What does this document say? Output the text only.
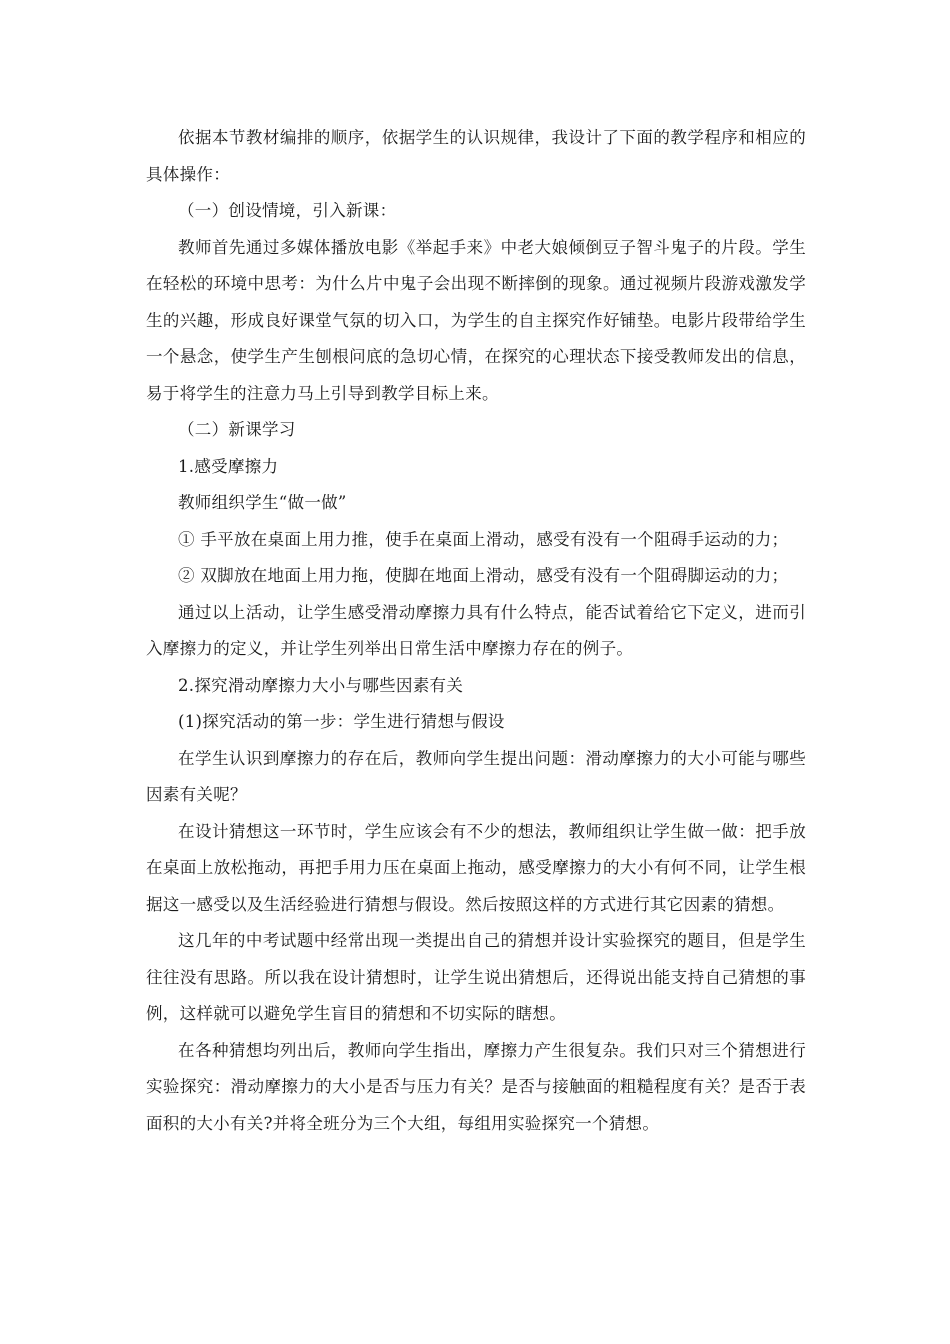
依据本节教材编排的顺序，依据学生的认识规律，我设计了下面的教学程序和相应的具体操作：

（一）创设情境，引入新课：

教师首先通过多媒体播放电影《举起手来》中老大娘倾倒豆子智斗鬼子的片段。学生在轻松的环境中思考：为什么片中鬼子会出现不断摔倒的现象。通过视频片段游戏激发学生的兴趣，形成良好课堂气氛的切入口，为学生的自主探究作好铺垫。电影片段带给学生一个悬念，使学生产生刨根问底的急切心情，在探究的心理状态下接受教师发出的信息，易于将学生的注意力马上引导到教学目标上来。

（二）新课学习

1.感受摩擦力

教师组织学生“做一做”

① 手平放在桌面上用力推，使手在桌面上滑动，感受有没有一个阻碍手运动的力；

② 双脚放在地面上用力拖，使脚在地面上滑动，感受有没有一个阻碍脚运动的力；

通过以上活动，让学生感受滑动摩擦力具有什么特点，能否试着给它下定义，进而引入摩擦力的定义，并让学生列举出日常生活中摩擦力存在的例子。

2.探究滑动摩擦力大小与哪些因素有关

(1)探究活动的第一步：学生进行猜想与假设

在学生认识到摩擦力的存在后，教师向学生提出问题：滑动摩擦力的大小可能与哪些因素有关呢？

在设计猜想这一环节时，学生应该会有不少的想法，教师组织让学生做一做：把手放在桌面上放松拖动，再把手用力压在桌面上拖动，感受摩擦力的大小有何不同，让学生根据这一感受以及生活经验进行猜想与假设。然后按照这样的方式进行其它因素的猜想。

这几年的中考试题中经常出现一类提出自己的猜想并设计实验探究的题目，但是学生往往没有思路。所以我在设计猜想时，让学生说出猜想后，还得说出能支持自己猜想的事例，这样就可以避免学生盲目的猜想和不切实际的瞎想。

在各种猜想均列出后，教师向学生指出，摩擦力产生很复杂。我们只对三个猜想进行实验探究：滑动摩擦力的大小是否与压力有关？是否与接触面的粗糙程度有关？是否于表面积的大小有关?并将全班分为三个大组，每组用实验探究一个猜想。
